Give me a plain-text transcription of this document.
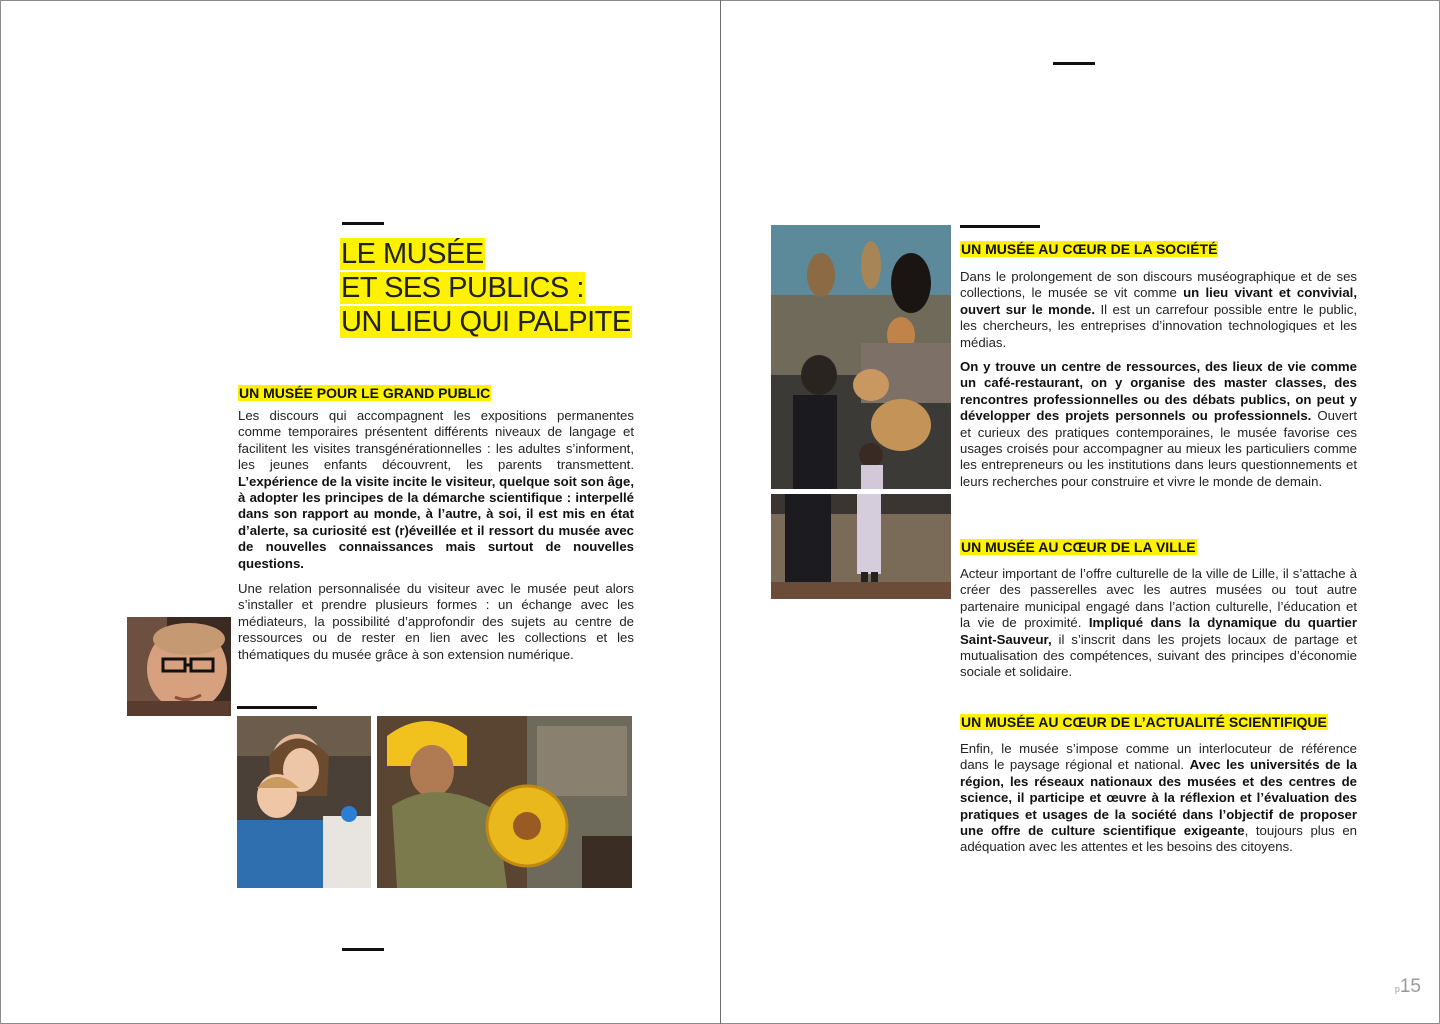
LE MUSÉE
ET SES PUBLICS :
UN LIEU QUI PALPITE
UN MUSÉE POUR LE GRAND PUBLIC

Les discours qui accompagnent les expositions permanentes comme temporaires présentent différents niveaux de langage et facilitent les visites transgénérationnelles : les adultes s’informent, les jeunes enfants découvrent, les parents transmettent. L’expérience de la visite incite le visiteur, quelque soit son âge, à adopter les principes de la démarche scientifique : interpellé dans son rapport au monde, à l’autre, à soi, il est mis en état d’alerte, sa curiosité est (r)éveillée et il ressort du musée avec de nouvelles connaissances mais surtout de nouvelles questions.

Une relation personnalisée du visiteur avec le musée peut alors s’installer et prendre plusieurs formes : un échange avec les médiateurs, la possibilité d’approfondir des sujets au centre de ressources ou de rester en lien avec les collections et les thématiques du musée grâce à son extension numérique.

UN MUSÉE AU CŒUR DE LA SOCIÉTÉ

Dans le prolongement de son discours muséographique et de ses collections, le musée se vit comme un lieu vivant et convivial, ouvert sur le monde. Il est un carrefour possible entre le public, les chercheurs, les entreprises d’innovation technologiques et les médias.

On y trouve un centre de ressources, des lieux de vie comme un café-restaurant, on y organise des master classes, des rencontres professionnelles ou des débats publics, on peut y développer des projets personnels ou professionnels. Ouvert et curieux des pratiques contemporaines, le musée favorise ces usages croisés pour accompagner au mieux les particuliers comme les entrepreneurs ou les institutions dans leurs questionnements et leurs recherches pour construire et vivre le monde de demain.

UN MUSÉE AU CŒUR DE LA VILLE

Acteur important de l’offre culturelle de la ville de Lille, il s’attache à créer des passerelles avec les autres musées ou tout autre partenaire municipal engagé dans l’action culturelle, l’éducation et la vie de proximité. Impliqué dans la dynamique du quartier Saint-Sauveur, il s’inscrit dans les projets locaux de partage et mutualisation des compétences, suivant des principes d’économie sociale et solidaire.

UN MUSÉE AU CŒUR DE L’ACTUALITÉ SCIENTIFIQUE

Enfin, le musée s’impose comme un interlocuteur de référence dans le paysage régional et national. Avec les universités de la région, les réseaux nationaux des musées et des centres de science, il participe et œuvre à la réflexion et l’évaluation des pratiques et usages de la société dans l’objectif de proposer une offre de culture scientifique exigeante, toujours plus en adéquation avec les attentes et les besoins des citoyens.

p15
